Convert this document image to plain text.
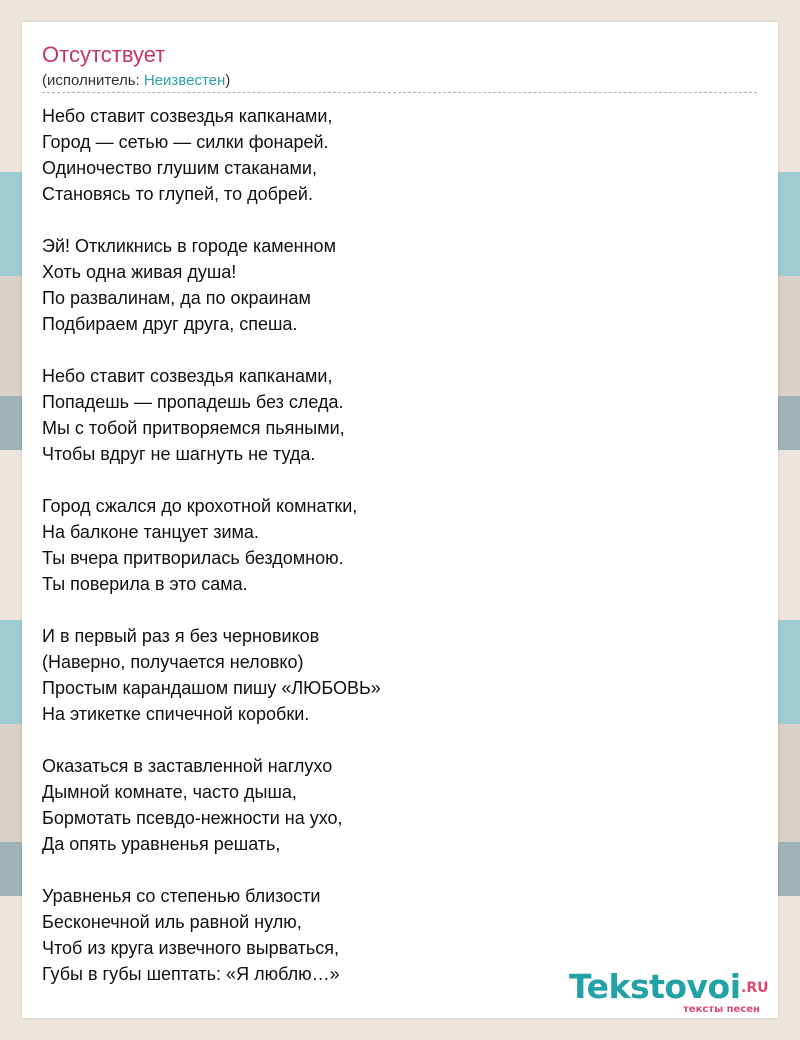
Отсутствует
(исполнитель: Неизвестен)
Небо ставит созвездья капканами,
Город — сетью — силки фонарей.
Одиночество глушим стаканами,
Становясь то глупей, то добрей.
Эй! Откликнись в городе каменном
Хоть одна живая душа!
По развалинам, да по окраинам
Подбираем друг друга, спеша.
Небо ставит созвездья капканами,
Попадешь — пропадешь без следа.
Мы с тобой притворяемся пьяными,
Чтобы вдруг не шагнуть не туда.
Город сжался до крохотной комнатки,
На балконе танцует зима.
Ты вчера притворилась бездомною.
Ты поверила в это сама.
И в первый раз я без черновиков
(Наверно, получается неловко)
Простым карандашом пишу «ЛЮБОВЬ»
На этикетке спичечной коробки.
Оказаться в заставленной наглухо
Дымной комнате, часто дыша,
Бормотать псевдо-нежности на ухо,
Да опять уравненья решать,
Уравненья со степенью близости
Бесконечной иль равной нулю,
Чтоб из круга извечного вырваться,
Губы в губы шептать: «Я люблю…»	Tekstovoi .RU
тексты песен
